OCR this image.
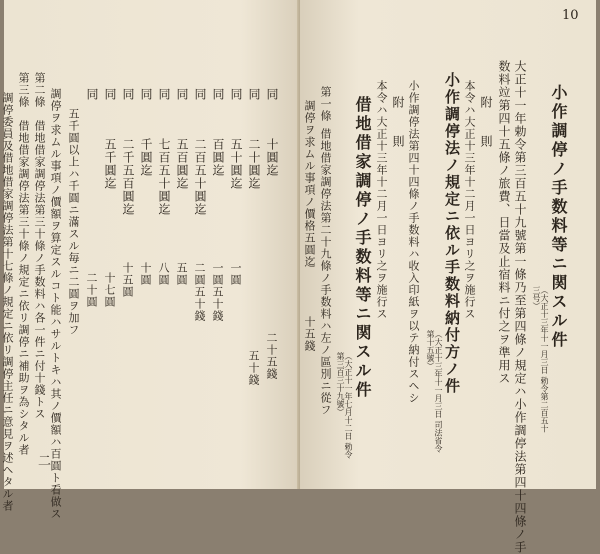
同
十圓迄
二十五錢
同
二十圓迄
五十錢
同
五十圓迄
一圓
同
百圓迄
一圓五十錢
同
二百五十圓迄
二圓五十錢
同
五百圓迄
五圓
同
七百五十圓迄
八圓
同
千圓迄
十圓
同
二千五百圓迄
十五圓
同
五千圓迄
十七圓
同
二十圓
五千圓以上ハ千圓ニ滿スル毎ニ二圓ヲ加フ
調停ヲ求ムル事項ノ價額ヲ算定スルコト能ハサルトキハ其ノ價額ハ百圓ト看做ス
第二條　借地借家調停法第三十條ノ手数料ハ各一件ニ付十錢トス
第三條　借地借家調停法第三十條ノ規定ニ依リ調停ニ補助ヲ為シタル者
　調停委員及借地借家調停法第十七條ノ規定ニ依リ調停主任ニ意見ヲ述ヘタル者 二
10
小作調停ノ手数料等ニ関スル件
（大正十三年十一月三日 勅令第二百五十三号）
大正十一年勅令第三百五十九號第一條乃至第四條ノ規定ハ小作調停法第四十四條ノ手
数料竝第四十五條ノ旅費、日當及止宿料ニ付之ヲ準用ス
附　　則
本令ハ大正十三年十二月一日ヨリ之ヲ施行ス
小作調停法ノ規定ニ依ル手数料納付方ノ件
（大正十三年十一月三日 司法省令第十五號）
小作調停法第四十四條ノ手数料ハ收入印紙ヲ以テ納付スヘシ
附　　則
本令ハ大正十三年十二月一日ヨリ之ヲ施行ス
借地借家調停ノ手数料等ニ関スル件
（大正十一年七月十二日 勅令第三百三十九號）
第一條
借地借家調停法第二十九條ノ手数料ハ左ノ區別ニ從フ
調停ヲ求ムル事項ノ價格五圓迄
十五錢
